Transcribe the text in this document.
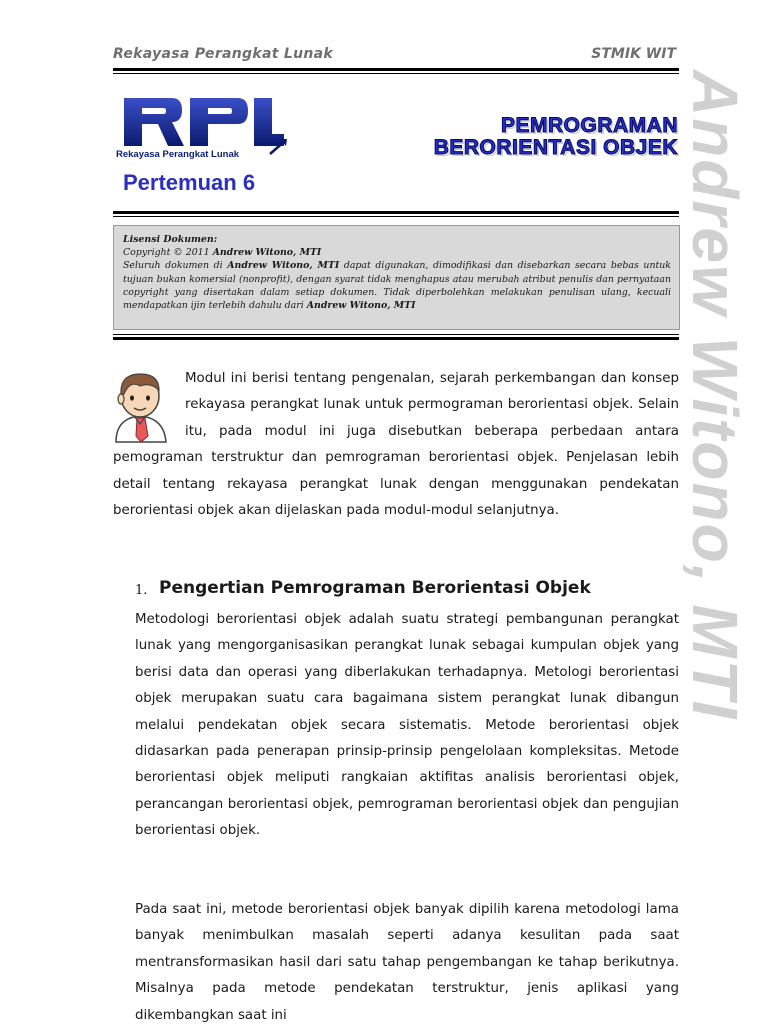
Rekayasa Perangkat Lunak	STMIK WIT
Rekayasa Perangkat Lunak
Pertemuan 6
PEMROGRAMAN
BERORIENTASI OBJEK
Lisensi Dokumen:
Copyright © 2011 Andrew Witono, MTI
Seluruh dokumen di Andrew Witono, MTI dapat digunakan, dimodifikasi dan disebarkan secara bebas untuk tujuan bukan komersial (nonprofit), dengan syarat tidak menghapus atau merubah atribut penulis dan pernyataan copyright yang disertakan dalam setiap dokumen. Tidak diperbolehkan melakukan penulisan ulang, kecuali mendapatkan ijin terlebih dahulu dari Andrew Witono, MTI	Andrew Witono, MTI
Modul ini berisi tentang pengenalan, sejarah perkembangan dan konsep rekayasa perangkat lunak untuk permograman berorientasi objek. Selain itu, pada modul ini juga disebutkan beberapa perbedaan antara pemograman terstruktur dan pemrograman berorientasi objek. Penjelasan lebih detail tentang rekayasa perangkat lunak dengan menggunakan pendekatan berorientasi objek akan dijelaskan pada modul-modul selanjutnya.
1. Pengertian Pemrograman Berorientasi Objek
Metodologi berorientasi objek adalah suatu strategi pembangunan perangkat lunak yang mengorganisasikan perangkat lunak sebagai kumpulan objek yang berisi data dan operasi yang diberlakukan terhadapnya. Metologi berorientasi objek merupakan suatu cara bagaimana sistem perangkat lunak dibangun melalui pendekatan objek secara sistematis. Metode berorientasi objek didasarkan pada penerapan prinsip-prinsip pengelolaan kompleksitas. Metode berorientasi objek meliputi rangkaian aktifitas analisis berorientasi objek, perancangan berorientasi objek, pemrograman berorientasi objek dan pengujian berorientasi objek.
Pada saat ini, metode berorientasi objek banyak dipilih karena metodologi lama banyak menimbulkan masalah seperti adanya kesulitan pada saat mentransformasikan hasil dari satu tahap pengembangan ke tahap berikutnya. Misalnya pada metode pendekatan terstruktur, jenis aplikasi yang dikembangkan saat ini
